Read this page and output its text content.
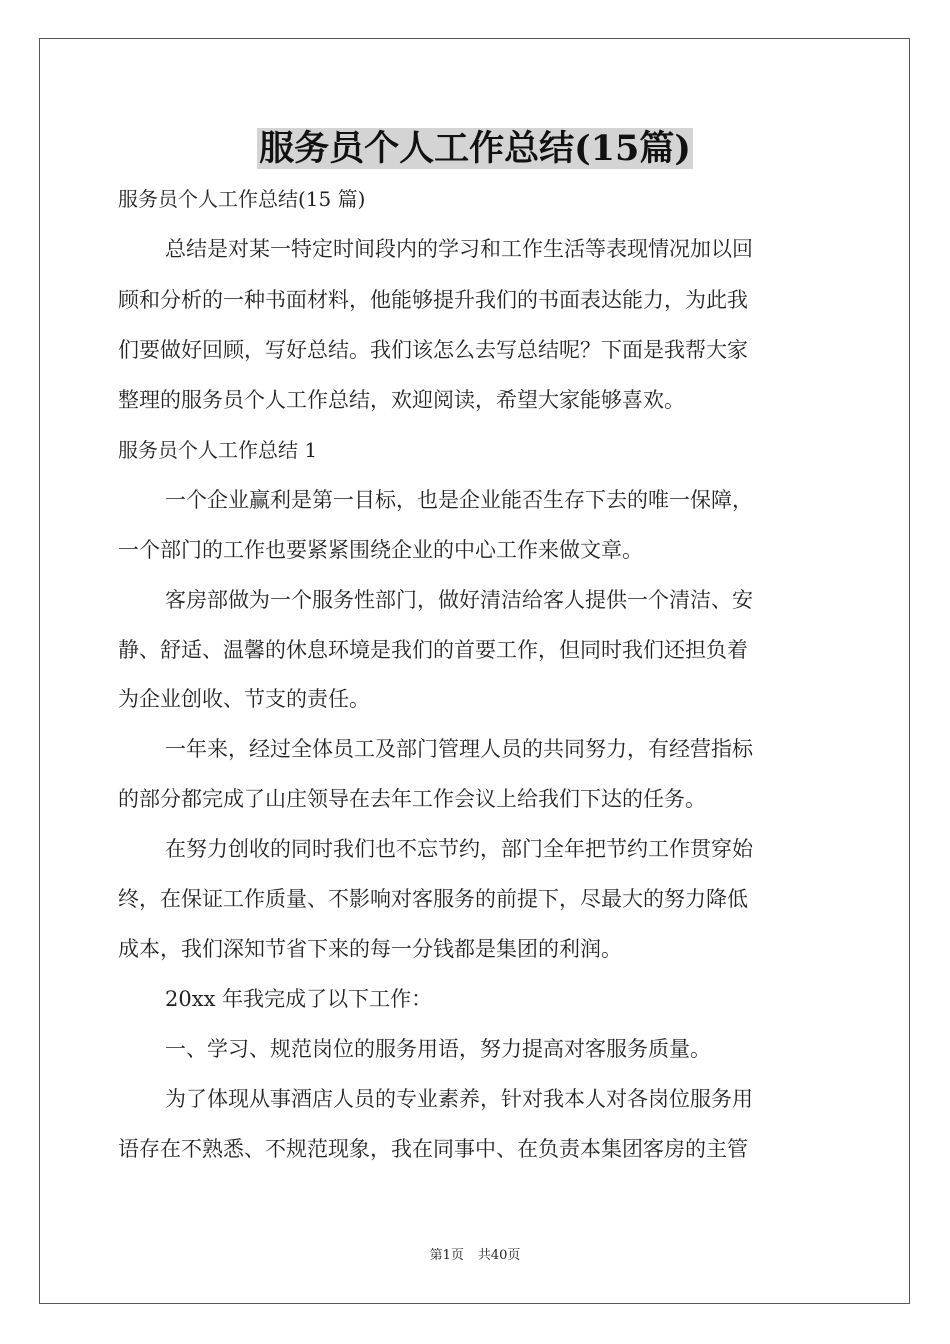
服务员个人工作总结(15篇)
服务员个人工作总结(15 篇)
总结是对某一特定时间段内的学习和工作生活等表现情况加以回
顾和分析的一种书面材料，他能够提升我们的书面表达能力，为此我
们要做好回顾，写好总结。我们该怎么去写总结呢？下面是我帮大家
整理的服务员个人工作总结，欢迎阅读，希望大家能够喜欢。
服务员个人工作总结 1
一个企业赢利是第一目标，也是企业能否生存下去的唯一保障，
一个部门的工作也要紧紧围绕企业的中心工作来做文章。
客房部做为一个服务性部门，做好清洁给客人提供一个清洁、安
静、舒适、温馨的休息环境是我们的首要工作，但同时我们还担负着
为企业创收、节支的责任。
一年来，经过全体员工及部门管理人员的共同努力，有经营指标
的部分都完成了山庄领导在去年工作会议上给我们下达的任务。
在努力创收的同时我们也不忘节约，部门全年把节约工作贯穿始
终，在保证工作质量、不影响对客服务的前提下，尽最大的努力降低
成本，我们深知节省下来的每一分钱都是集团的利润。
20xx 年我完成了以下工作：
一、学习、规范岗位的服务用语，努力提高对客服务质量。
为了体现从事酒店人员的专业素养，针对我本人对各岗位服务用
语存在不熟悉、不规范现象，我在同事中、在负责本集团客房的主管
第1页 共40页
